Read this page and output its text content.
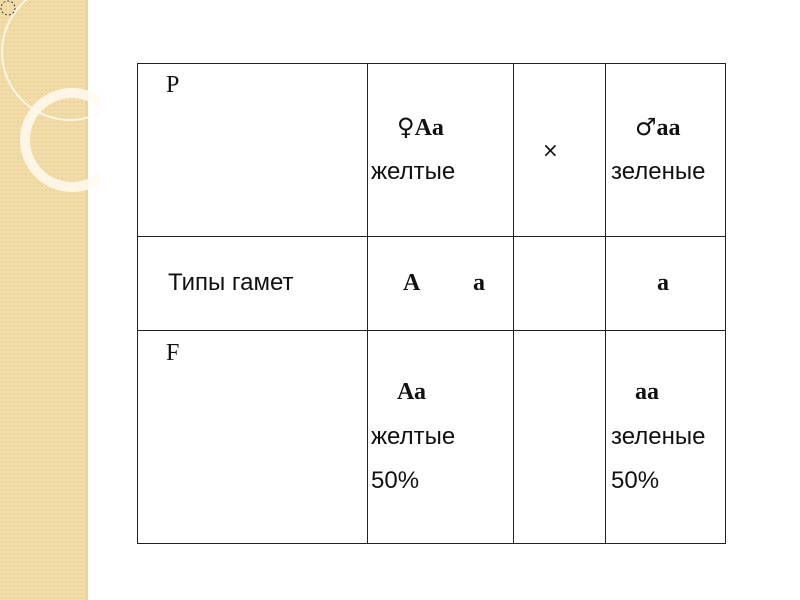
P
♀Aa
желтые
×
♂aa
зеленые
Типы гамет	А а	а
F
Аа
желтые
50%
аа
зеленые
50%
